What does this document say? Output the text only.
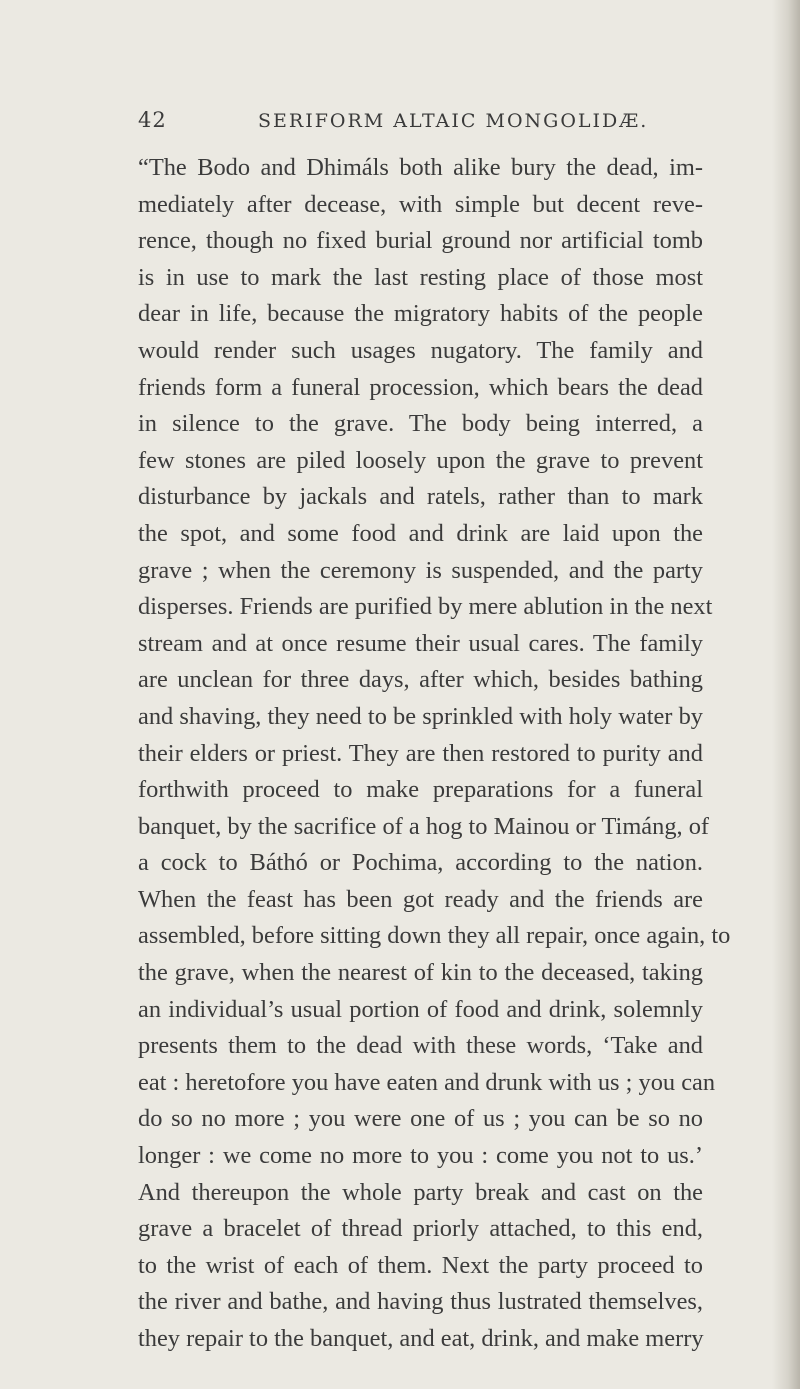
42	SERIFORM ALTAIC MONGOLIDÆ.
“The Bodo and Dhimáls both alike bury the dead, im-
mediately after decease, with simple but decent reve-
rence, though no fixed burial ground nor artificial tomb
is in use to mark the last resting place of those most
dear in life, because the migratory habits of the people
would render such usages nugatory. The family and
friends form a funeral procession, which bears the dead
in silence to the grave. The body being interred, a
few stones are piled loosely upon the grave to prevent
disturbance by jackals and ratels, rather than to mark
the spot, and some food and drink are laid upon the
grave ; when the ceremony is suspended, and the party
disperses. Friends are purified by mere ablution in the next
stream and at once resume their usual cares. The family
are unclean for three days, after which, besides bathing
and shaving, they need to be sprinkled with holy water by
their elders or priest. They are then restored to purity and
forthwith proceed to make preparations for a funeral
banquet, by the sacrifice of a hog to Mainou or Timáng, of
a cock to Báthó or Pochima, according to the nation.
When the feast has been got ready and the friends are
assembled, before sitting down they all repair, once again, to
the grave, when the nearest of kin to the deceased, taking
an individual’s usual portion of food and drink, solemnly
presents them to the dead with these words, ‘Take and
eat : heretofore you have eaten and drunk with us ; you can
do so no more ; you were one of us ; you can be so no
longer : we come no more to you : come you not to us.’
And thereupon the whole party break and cast on the
grave a bracelet of thread priorly attached, to this end,
to the wrist of each of them. Next the party proceed to
the river and bathe, and having thus lustrated themselves,
they repair to the banquet, and eat, drink, and make merry
